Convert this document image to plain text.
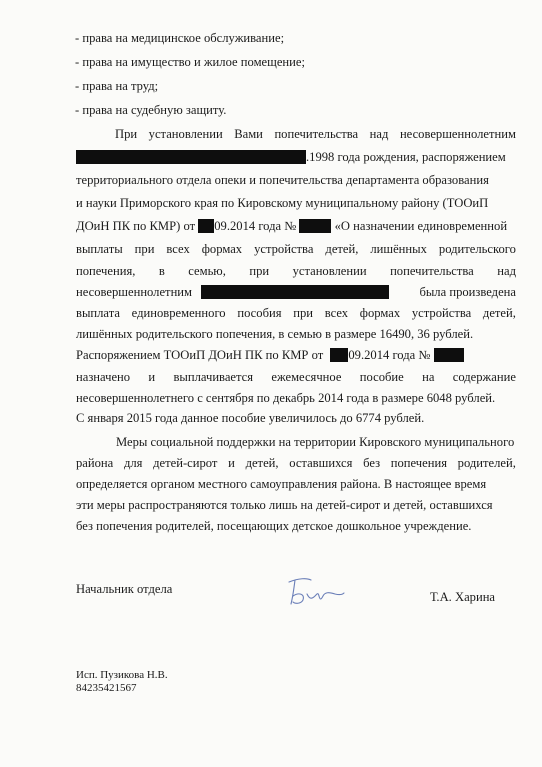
- права на медицинское обслуживание;
- права на имущество и жилое помещение;
- права на труд;
- права на судебную защиту.
При установлении Вами попечительства над несовершеннолетним
.1998 года рождения, распоряжением
территориального отдела опеки и попечительства департамента образования
и науки Приморского края по Кировскому муниципальному району (ТООиП
ДОиН ПК по КМР) от 09.2014 года №	«О назначении единовременной
выплаты при всех формах устройства детей, лишённых родительского
попечения, в семью, при установлении попечительства над
несовершеннолетним	была произведена
выплата единовременного пособия при всех формах устройства детей,
лишённых родительского попечения, в семью в размере 16490, 36 рублей.
Распоряжением ТООиП ДОиН ПК по КМР от 09.2014 года №
назначено и выплачивается ежемесячное пособие на содержание
несовершеннолетнего с сентября по декабрь 2014 года в размере 6048 рублей.
С января 2015 года данное пособие увеличилось до 6774 рублей.
Меры социальной поддержки на территории Кировского муниципального
района для детей-сирот и детей, оставшихся без попечения родителей,
определяется органом местного самоуправления района. В настоящее время
эти меры распространяются только лишь на детей-сирот и детей, оставшихся
без попечения родителей, посещающих детское дошкольное учреждение.
Начальник отдела
Т.А. Харина
Исп. Пузикова Н.В.
84235421567
